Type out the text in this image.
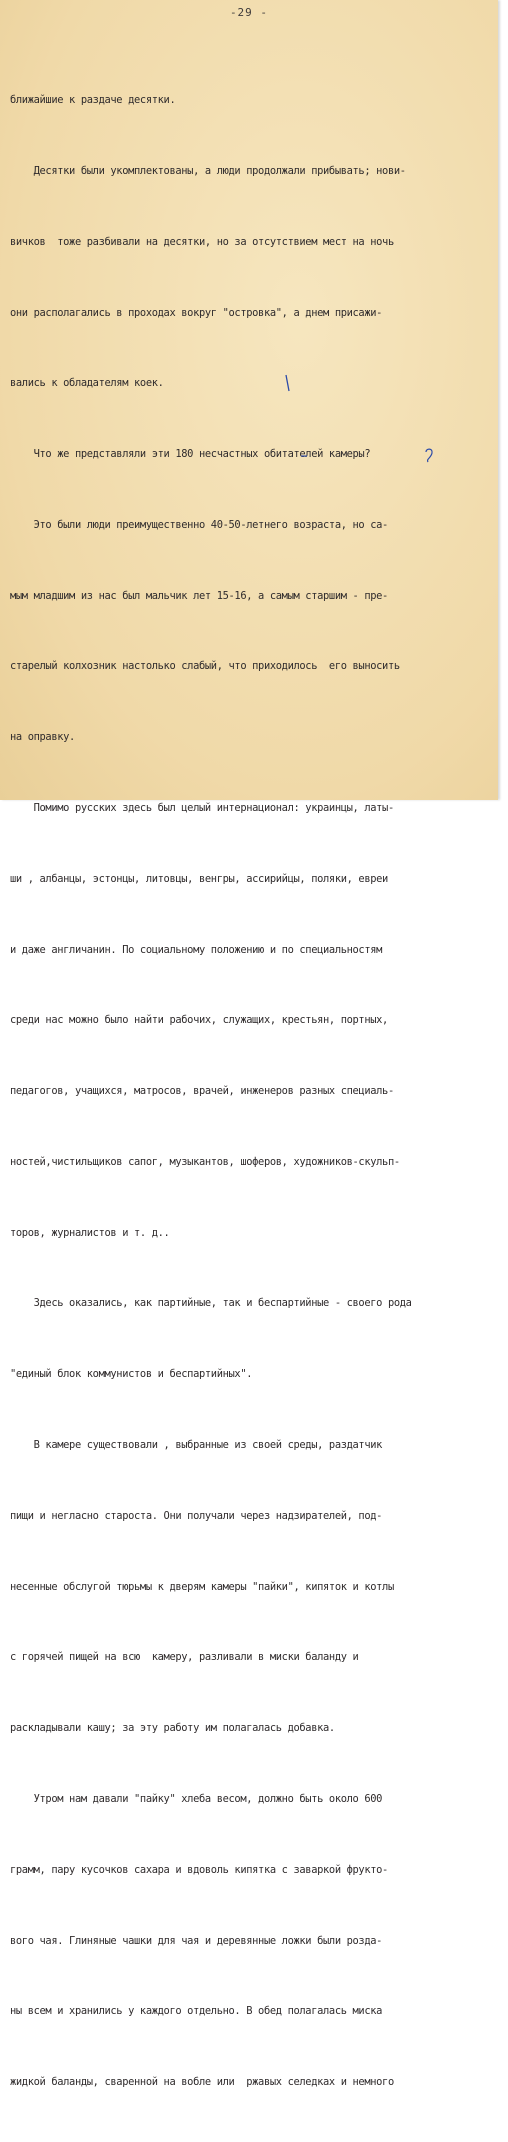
-29 -

ближайшие к раздаче десятки.

Десятки были укомплектованы, а люди продолжали прибывать; нови-

вичков  тоже разбивали на десятки, но за отсутствием мест на ночь

они располагались в проходах вокруг "островка", а днем присажи-

вались к обладателям коек.

Что же представляли эти 180 несчастных обитателей камеры?

Это были люди преимущественно 40-50-летнего возраста, но са-

мым младшим из нас был мальчик лет 15-16, а самым старшим - пре-

старелый колхозник настолько слабый, что приходилось  его выносить

на оправку.

Помимо русских здесь был целый интернационал: украинцы, латы-

ши , албанцы, эстонцы, литовцы, венгры, ассирийцы, поляки, евреи

и даже англичанин. По социальному положению и по специальностям

среди нас можно было найти рабочих, служащих, крестьян, портных,

педагогов, учащихся, матросов, врачей, инженеров разных специаль-

ностей,чистильщиков сапог, музыкантов, шоферов, художников-скульп-

торов, журналистов и т. д..

Здесь оказались, как партийные, так и беспартийные - своего рода

"единый блок коммунистов и беспартийных".

В камере существовали , выбранные из своей среды, раздатчик

пищи и негласно староста. Они получали через надзирателей, под-

несенные обслугой тюрьмы к дверям камеры "пайки", кипяток и котлы

с горячей пищей на всю  камеру, разливали в миски баланду и

раскладывали кашу; за эту работу им полагалась добавка.

Утром нам давали "пайку" хлеба весом, должно быть около 600

грамм, пару кусочков сахара и вдоволь кипятка с заваркой фрукто-

вого чая. Глиняные чашки для чая и деревянные ложки были розда-

ны всем и хранились у каждого отдельно. В обед полагалась миска

жидкой баланды, сваренной на вобле или  ржавых селедках и немного
